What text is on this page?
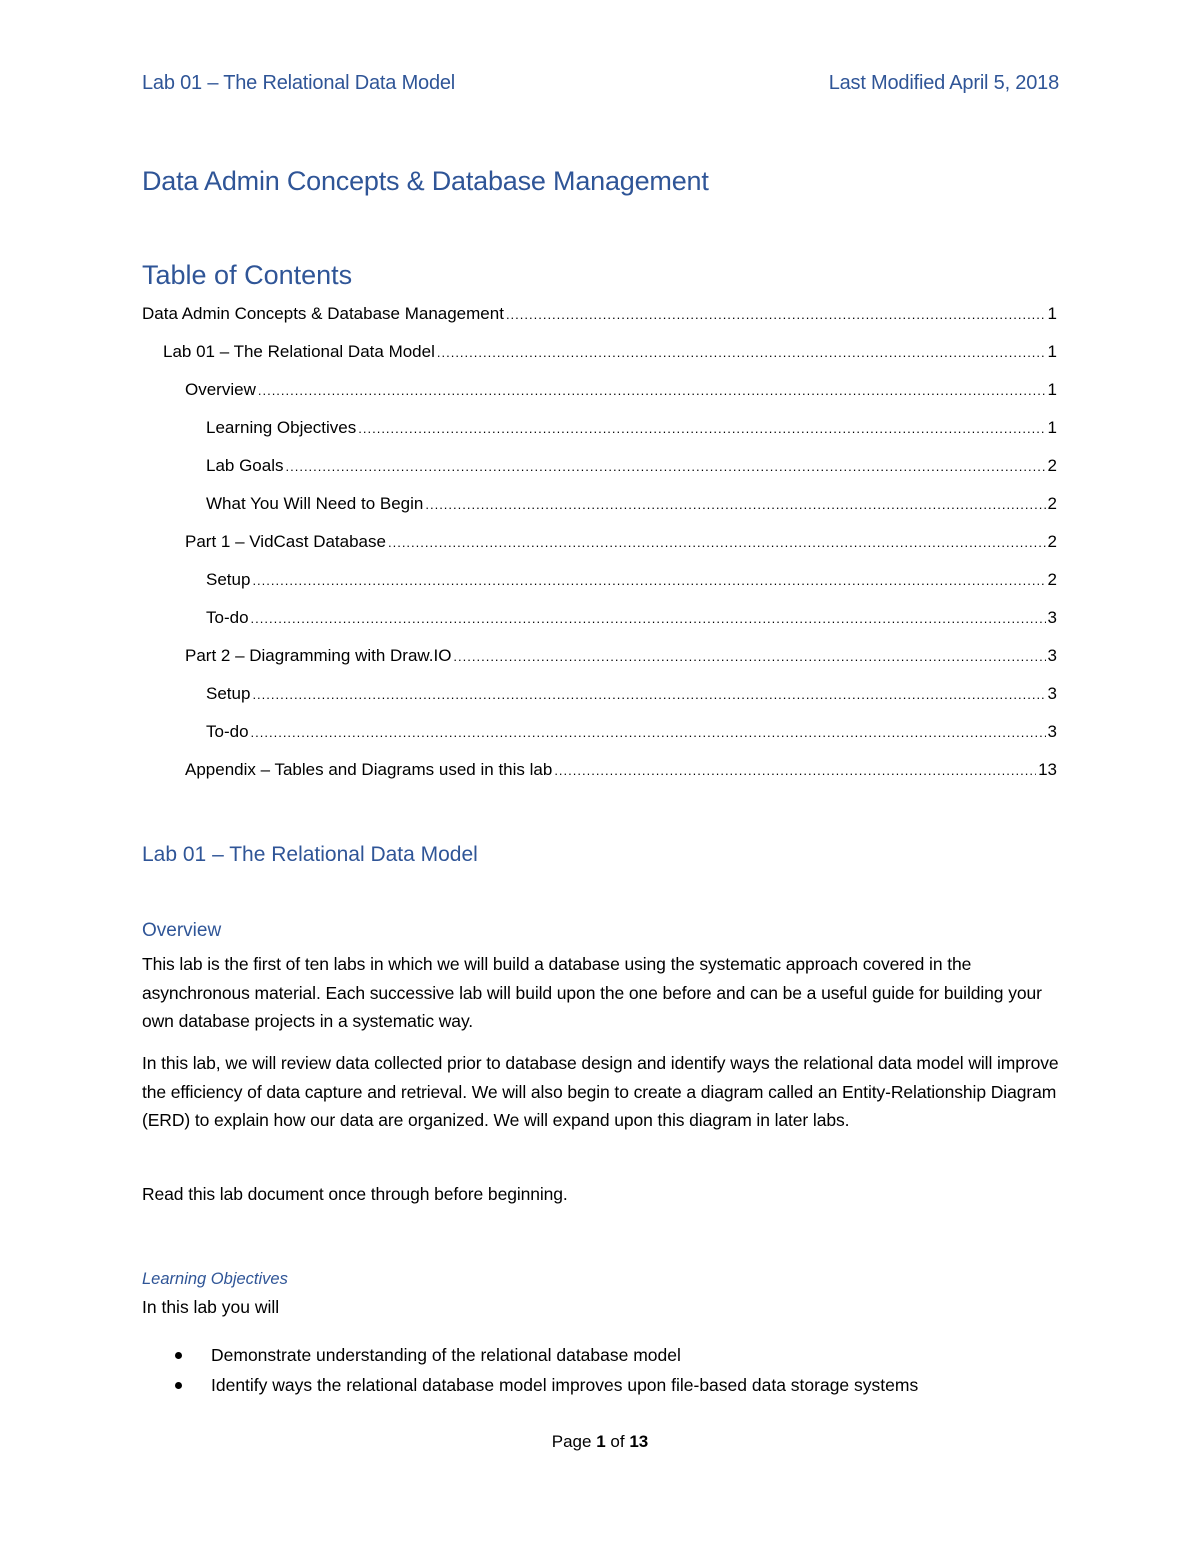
Lab 01 – The Relational Data Model	Last Modified April 5, 2018
Data Admin Concepts & Database Management
Table of Contents
Data Admin Concepts & Database Management .....	1
Lab 01 – The Relational Data Model .....	1
Overview .....	1
Learning Objectives .....	1
Lab Goals .....	2
What You Will Need to Begin .....	2
Part 1 – VidCast Database .....	2
Setup .....	2
To-do .....	3
Part 2 – Diagramming with Draw.IO .....	3
Setup .....	3
To-do .....	3
Appendix – Tables and Diagrams used in this lab .....	13
Lab 01 – The Relational Data Model
Overview

This lab is the first of ten labs in which we will build a database using the systematic approach covered in the asynchronous material. Each successive lab will build upon the one before and can be a useful guide for building your own database projects in a systematic way.

In this lab, we will review data collected prior to database design and identify ways the relational data model will improve the efficiency of data capture and retrieval. We will also begin to create a diagram called an Entity-Relationship Diagram (ERD) to explain how our data are organized. We will expand upon this diagram in later labs.

Read this lab document once through before beginning.

Learning Objectives

In this lab you will

Demonstrate understanding of the relational database model
Identify ways the relational database model improves upon file-based data storage systems
Page 1 of 13
